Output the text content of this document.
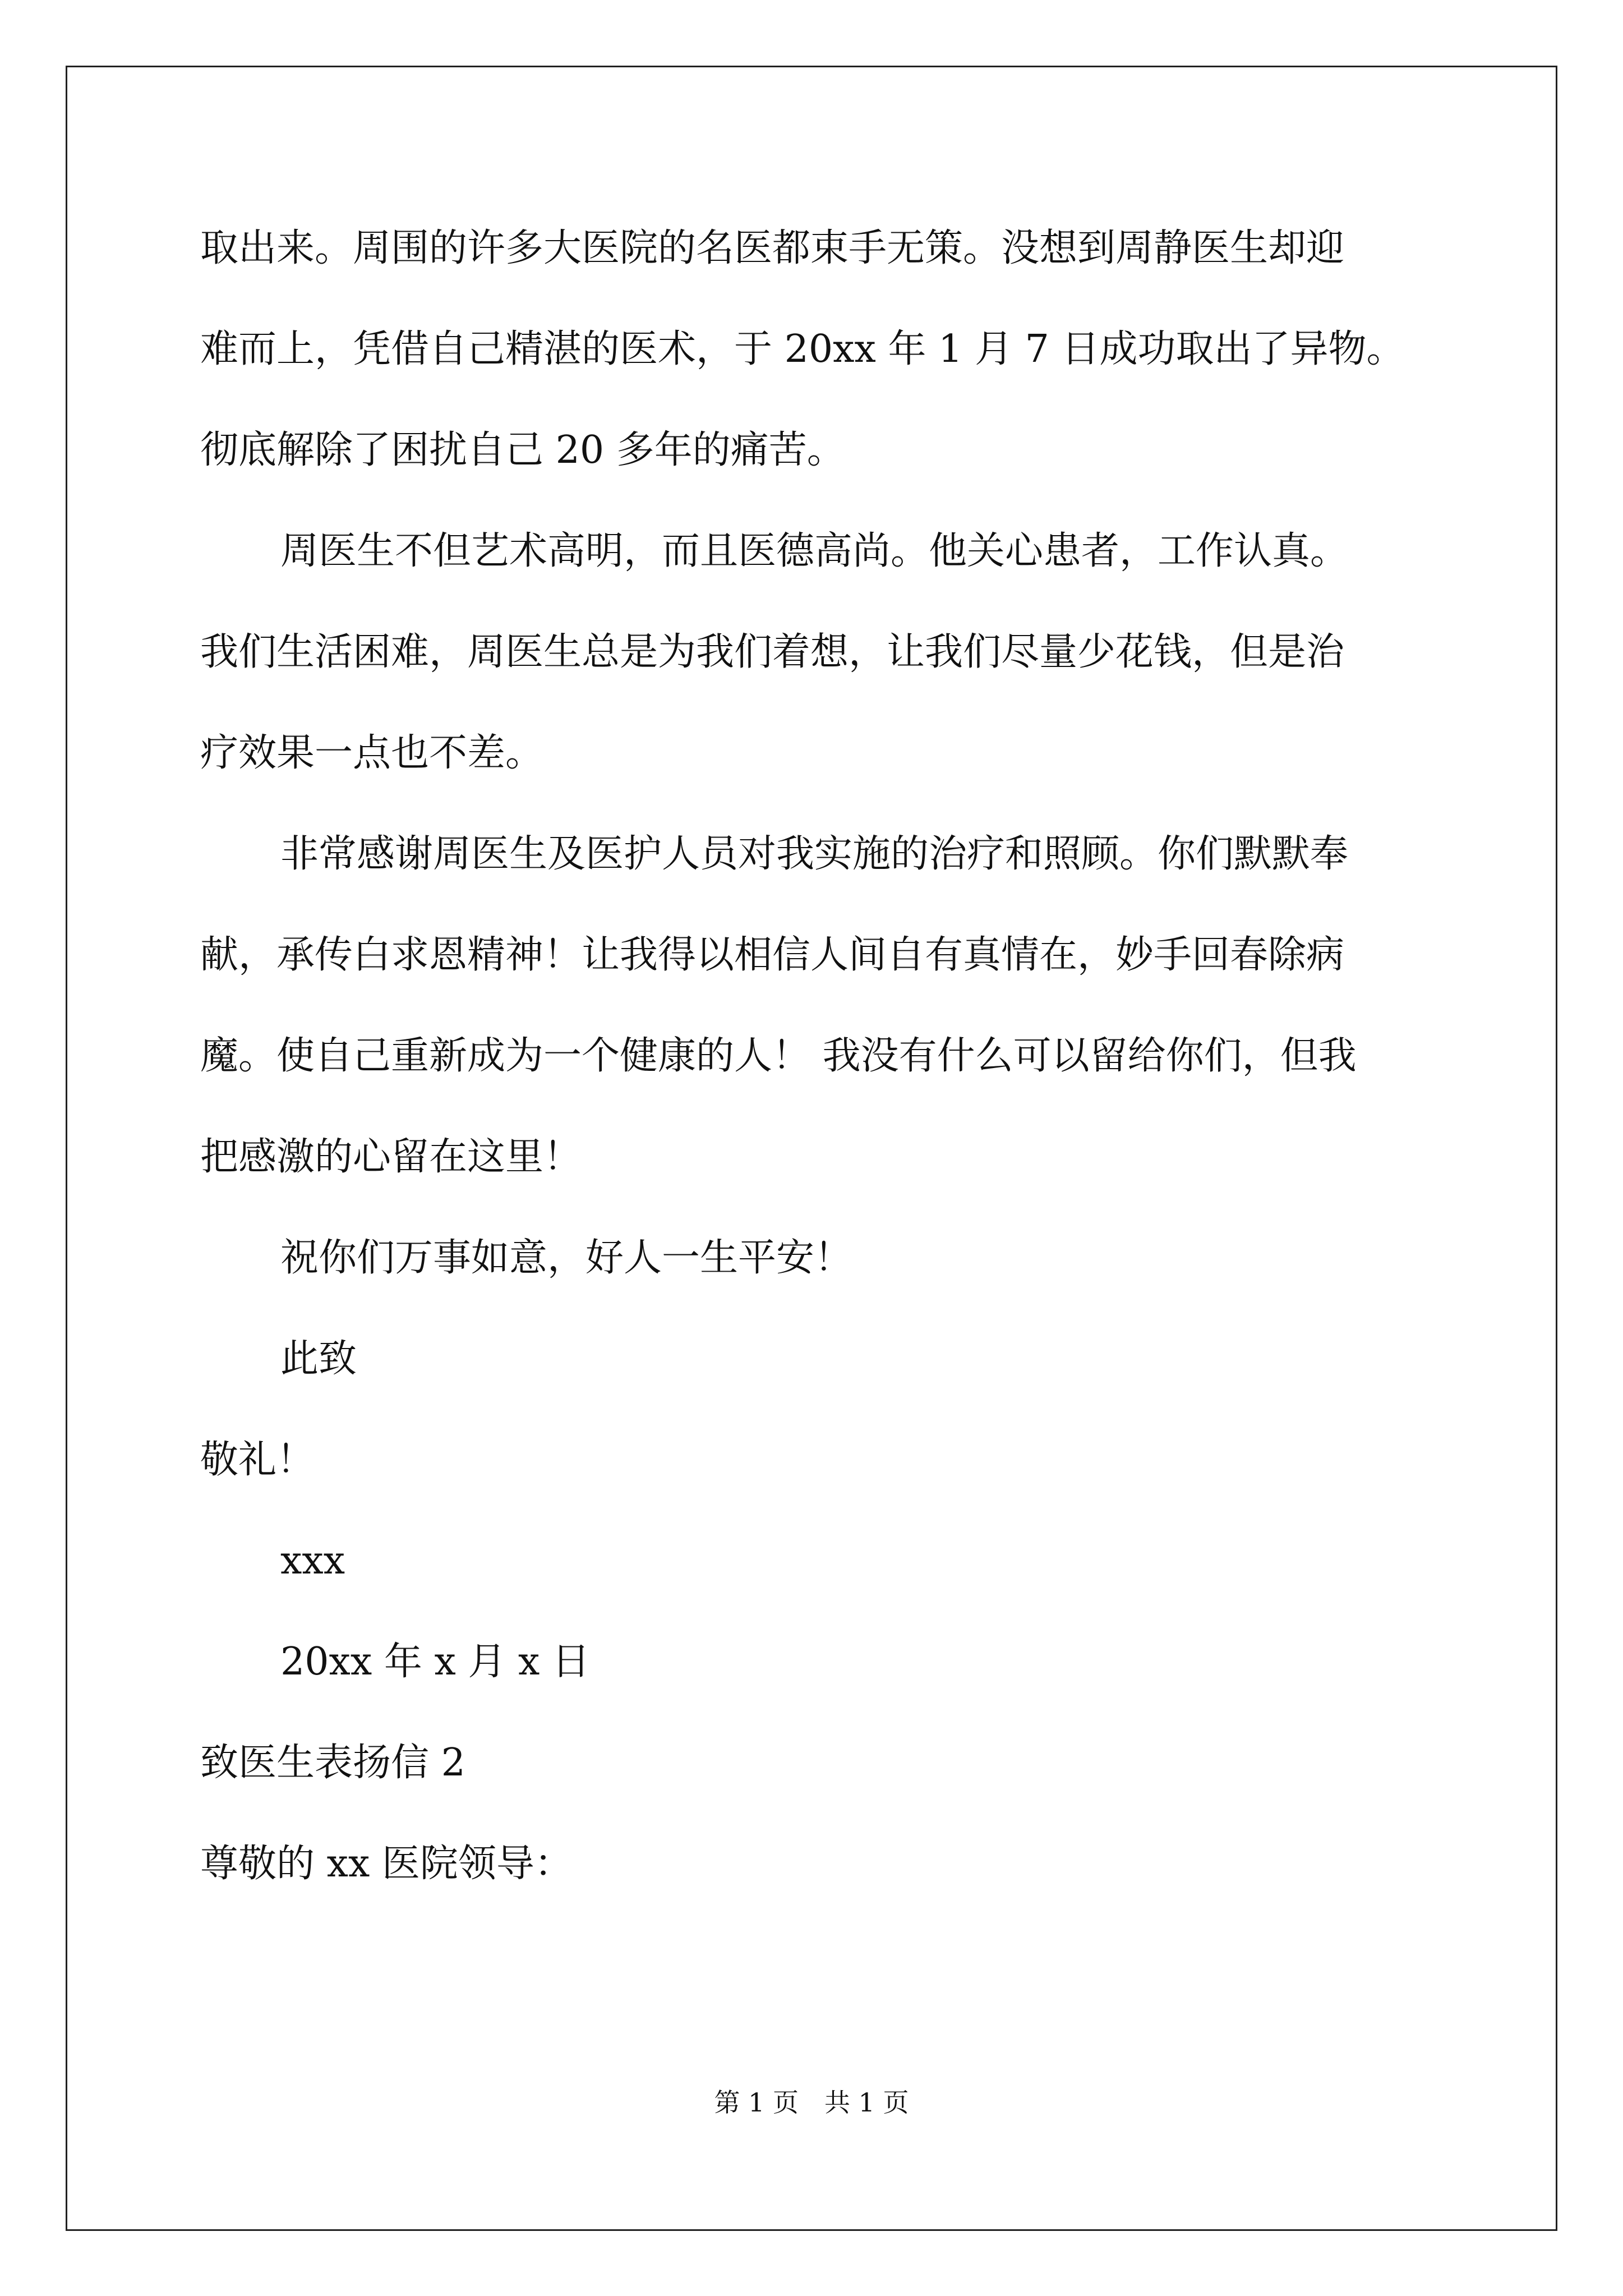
取出来。周围的许多大医院的名医都束手无策。没想到周静医生却迎
难而上，凭借自己精湛的医术，于 20xx 年 1 月 7 日成功取出了异物。
彻底解除了困扰自己 20 多年的痛苦。
周医生不但艺术高明，而且医德高尚。他关心患者，工作认真。
我们生活困难，周医生总是为我们着想，让我们尽量少花钱，但是治
疗效果一点也不差。
非常感谢周医生及医护人员对我实施的治疗和照顾。你们默默奉
献，承传白求恩精神！让我得以相信人间自有真情在，妙手回春除病
魔。使自己重新成为一个健康的人！ 我没有什么可以留给你们，但我
把感激的心留在这里！
祝你们万事如意，好人一生平安！
此致
敬礼！
xxx
20xx 年 x 月 x 日
致医生表扬信 2
尊敬的 xx 医院领导：
第 1 页　共 1 页
